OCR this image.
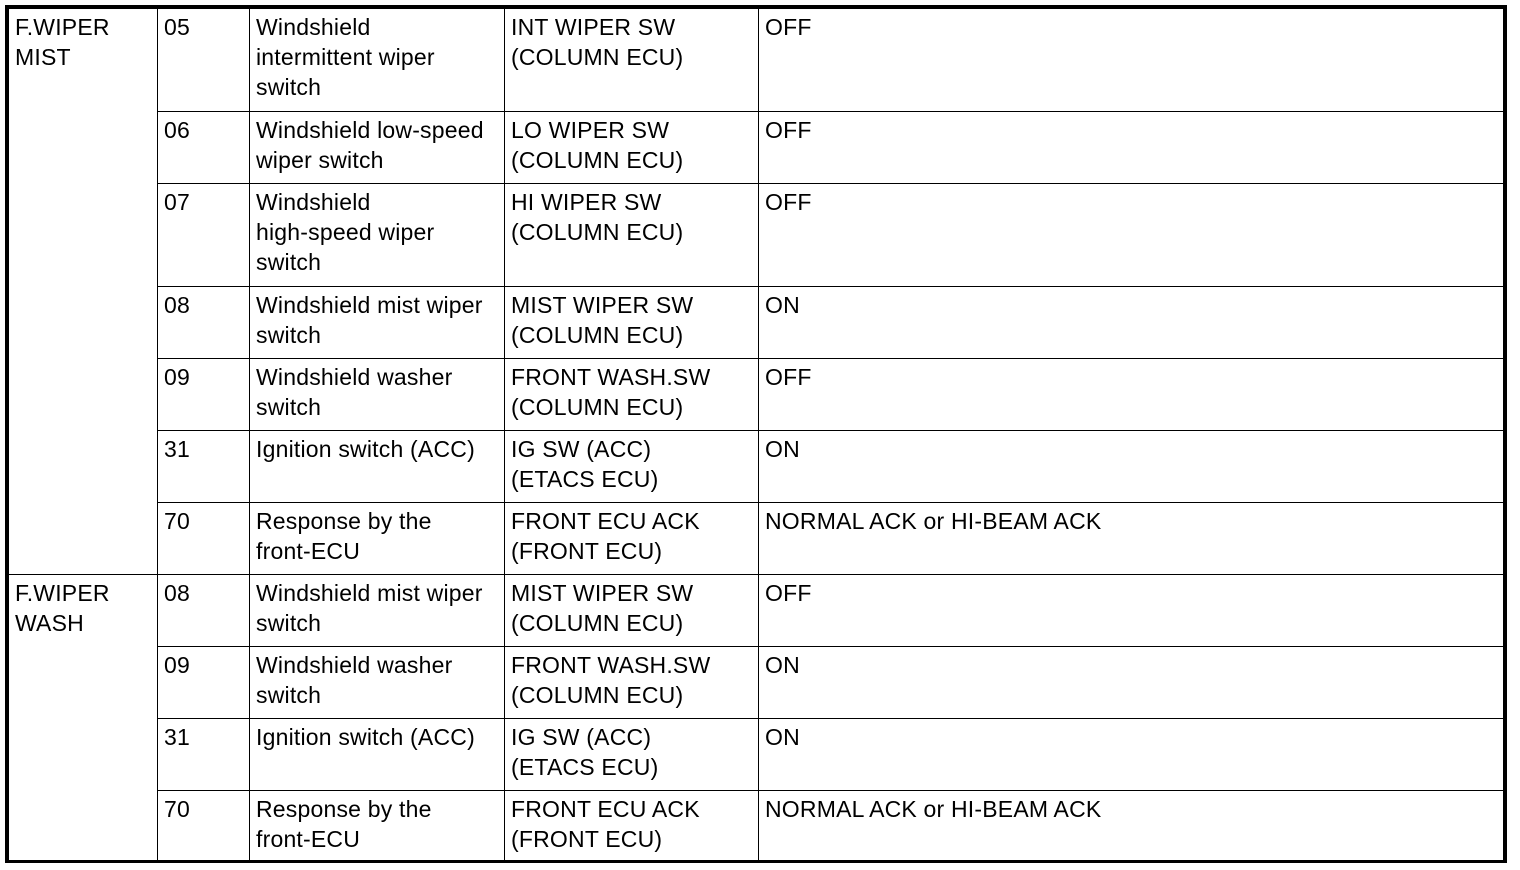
F.WIPER
MIST	05	Windshield
intermittent wiper
switch	INT WIPER SW
(COLUMN ECU)	OFF
	06	Windshield low-speed
wiper switch	LO WIPER SW
(COLUMN ECU)	OFF
	07	Windshield
high-speed wiper
switch	HI WIPER SW
(COLUMN ECU)	OFF
	08	Windshield mist wiper
switch	MIST WIPER SW
(COLUMN ECU)	ON
	09	Windshield washer
switch	FRONT WASH.SW
(COLUMN ECU)	OFF
	31	Ignition switch (ACC)	IG SW (ACC)
(ETACS ECU)	ON
	70	Response by the
front-ECU	FRONT ECU ACK
(FRONT ECU)	NORMAL ACK or HI-BEAM ACK

F.WIPER
WASH	08	Windshield mist wiper
switch	MIST WIPER SW
(COLUMN ECU)	OFF
	09	Windshield washer
switch	FRONT WASH.SW
(COLUMN ECU)	ON
	31	Ignition switch (ACC)	IG SW (ACC)
(ETACS ECU)	ON
	70	Response by the
front-ECU	FRONT ECU ACK
(FRONT ECU)	NORMAL ACK or HI-BEAM ACK
